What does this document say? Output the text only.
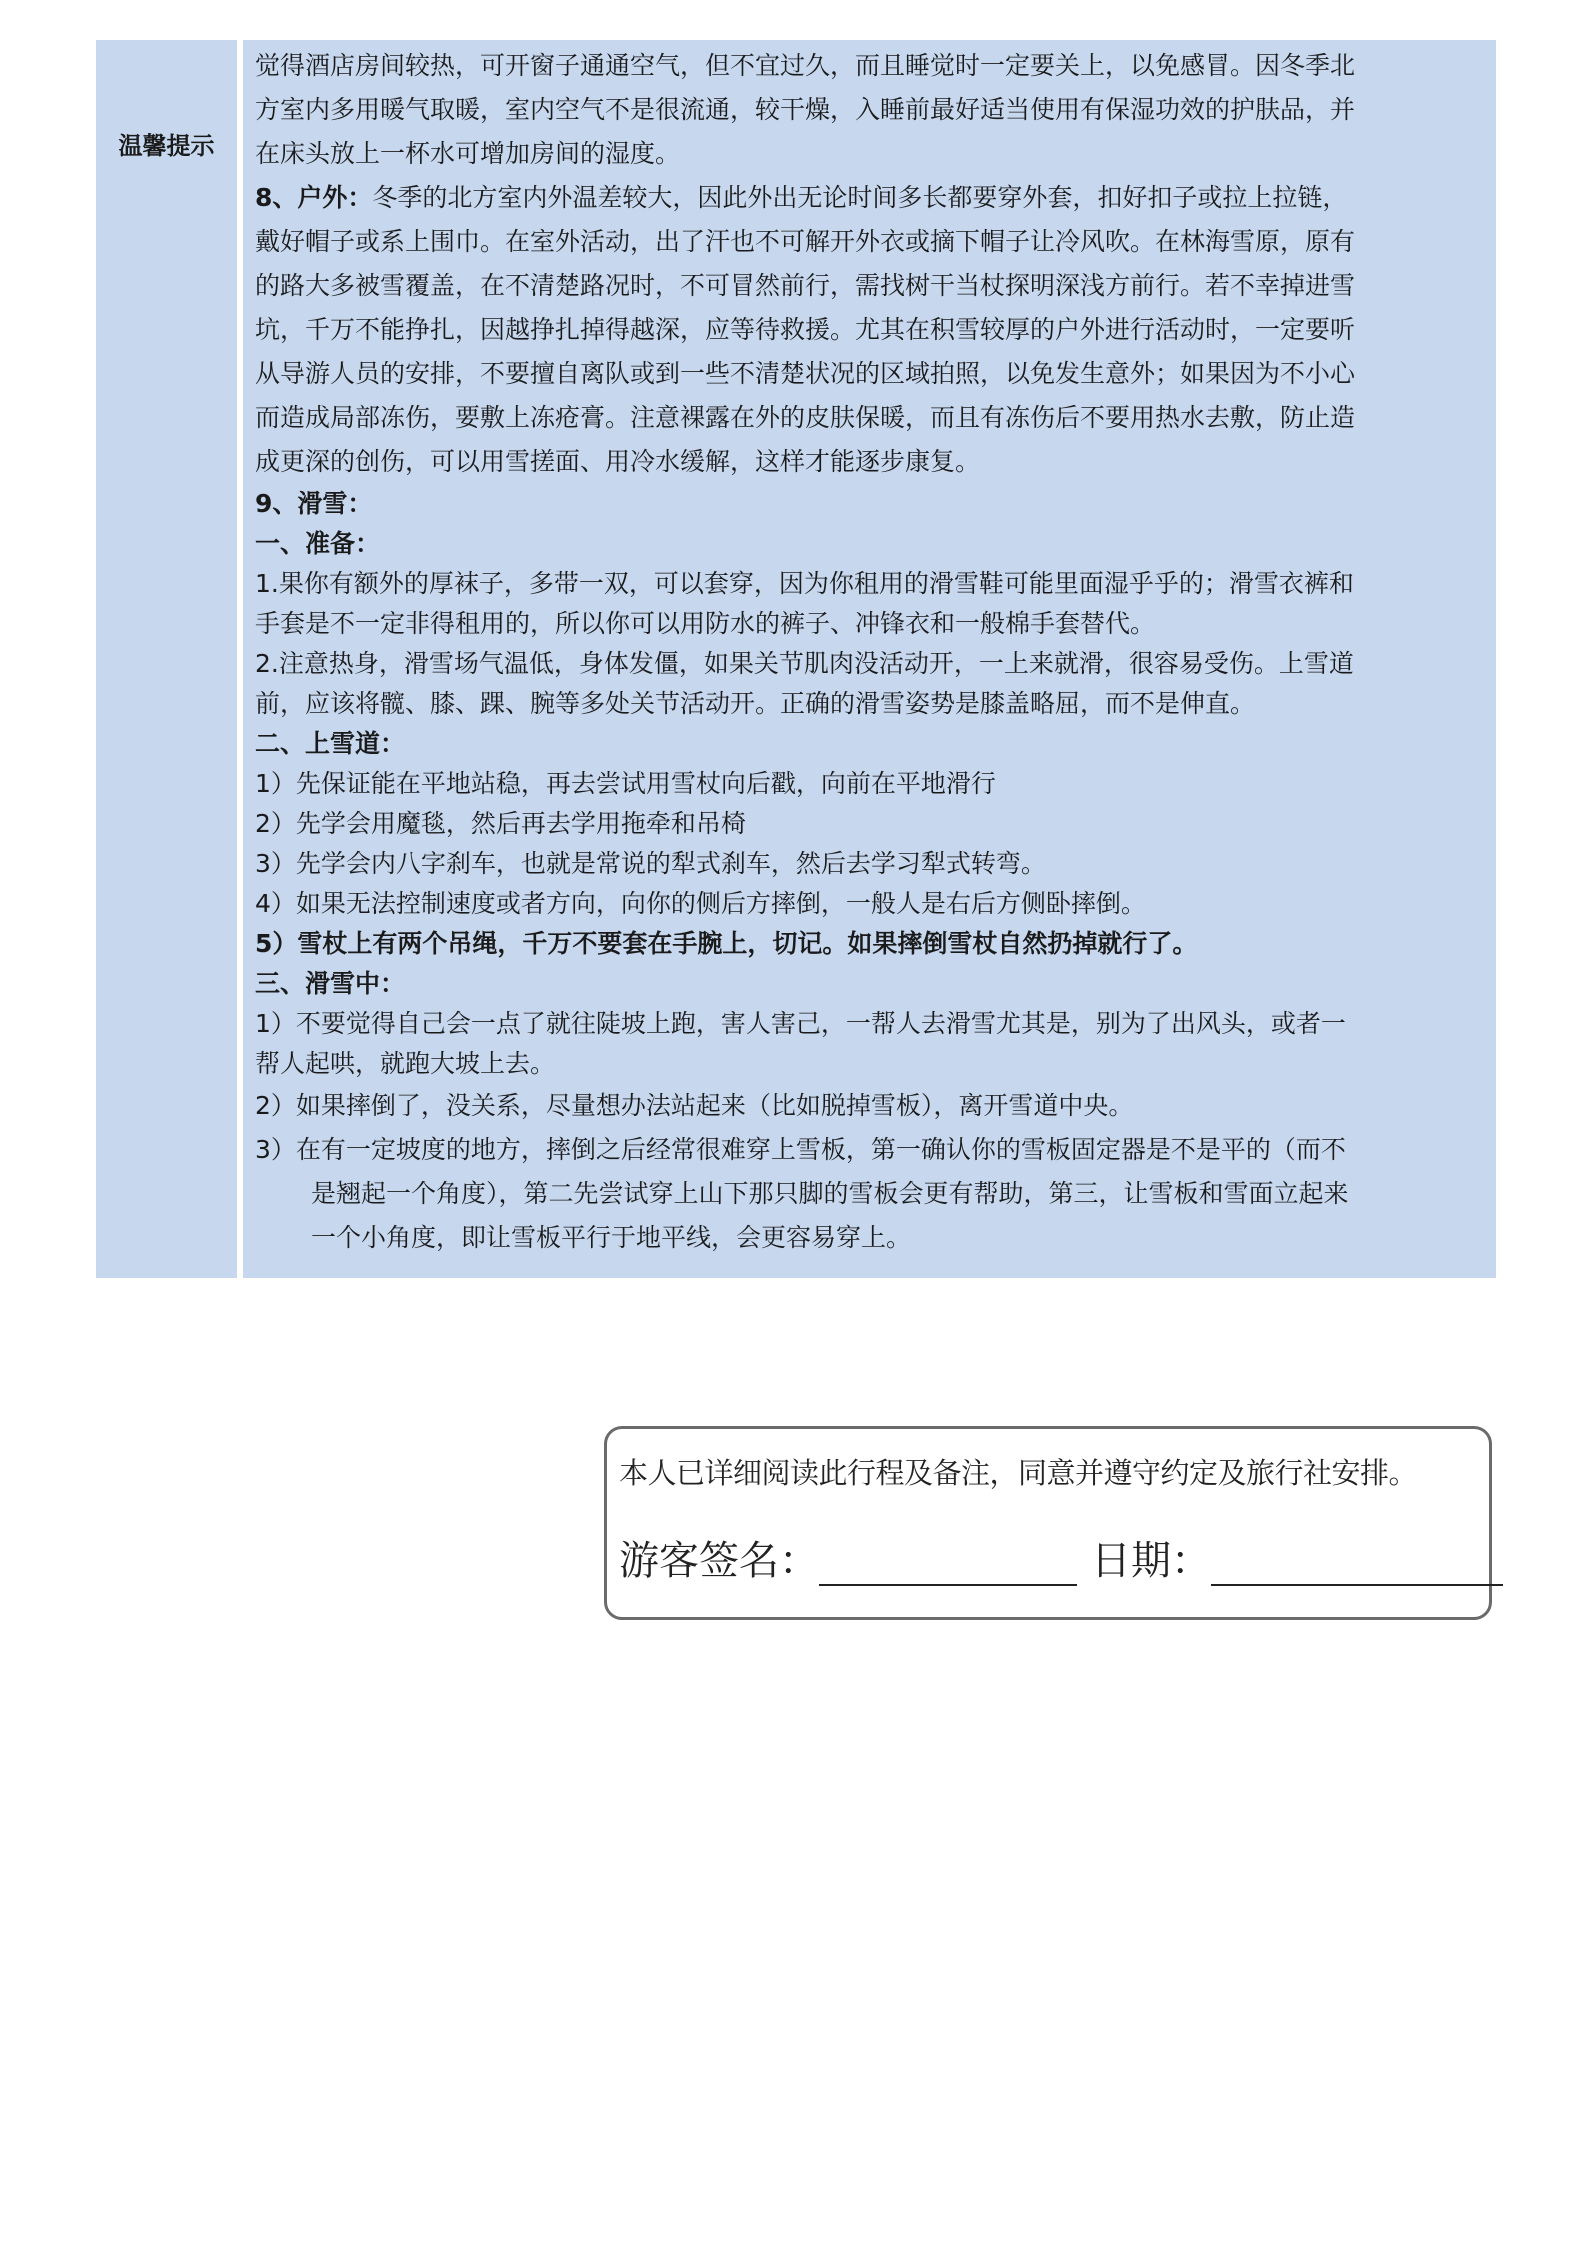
温馨提示
觉得酒店房间较热，可开窗子通通空气，但不宜过久，而且睡觉时一定要关上，以免感冒。因冬季北
方室内多用暖气取暖，室内空气不是很流通，较干燥，入睡前最好适当使用有保湿功效的护肤品，并
在床头放上一杯水可增加房间的湿度。
8、户外：冬季的北方室内外温差较大，因此外出无论时间多长都要穿外套，扣好扣子或拉上拉链，
戴好帽子或系上围巾。在室外活动，出了汗也不可解开外衣或摘下帽子让冷风吹。在林海雪原，原有
的路大多被雪覆盖，在不清楚路况时，不可冒然前行，需找树干当杖探明深浅方前行。若不幸掉进雪
坑，千万不能挣扎，因越挣扎掉得越深，应等待救援。尤其在积雪较厚的户外进行活动时，一定要听
从导游人员的安排，不要擅自离队或到一些不清楚状况的区域拍照，以免发生意外；如果因为不小心
而造成局部冻伤，要敷上冻疮膏。注意裸露在外的皮肤保暖，而且有冻伤后不要用热水去敷，防止造
成更深的创伤，可以用雪搓面、用冷水缓解，这样才能逐步康复。
9、滑雪：
一、准备：
1.果你有额外的厚袜子，多带一双，可以套穿，因为你租用的滑雪鞋可能里面湿乎乎的；滑雪衣裤和
手套是不一定非得租用的，所以你可以用防水的裤子、冲锋衣和一般棉手套替代。
2.注意热身，滑雪场气温低，身体发僵，如果关节肌肉没活动开，一上来就滑，很容易受伤。上雪道
前，应该将髋、膝、踝、腕等多处关节活动开。正确的滑雪姿势是膝盖略屈，而不是伸直。
二、上雪道：
1）先保证能在平地站稳，再去尝试用雪杖向后戳，向前在平地滑行
2）先学会用魔毯，然后再去学用拖牵和吊椅
3）先学会内八字刹车，也就是常说的犁式刹车，然后去学习犁式转弯。
4）如果无法控制速度或者方向，向你的侧后方摔倒，一般人是右后方侧卧摔倒。
5）雪杖上有两个吊绳，千万不要套在手腕上，切记。如果摔倒雪杖自然扔掉就行了。
三、滑雪中：
1）不要觉得自己会一点了就往陡坡上跑，害人害己，一帮人去滑雪尤其是，别为了出风头，或者一
帮人起哄，就跑大坡上去。
2）如果摔倒了，没关系，尽量想办法站起来（比如脱掉雪板），离开雪道中央。
3）在有一定坡度的地方，摔倒之后经常很难穿上雪板，第一确认你的雪板固定器是不是平的（而不
是翘起一个角度），第二先尝试穿上山下那只脚的雪板会更有帮助，第三，让雪板和雪面立起来
一个小角度，即让雪板平行于地平线，会更容易穿上。
本人已详细阅读此行程及备注，同意并遵守约定及旅行社安排。
游客签名：	日期：
